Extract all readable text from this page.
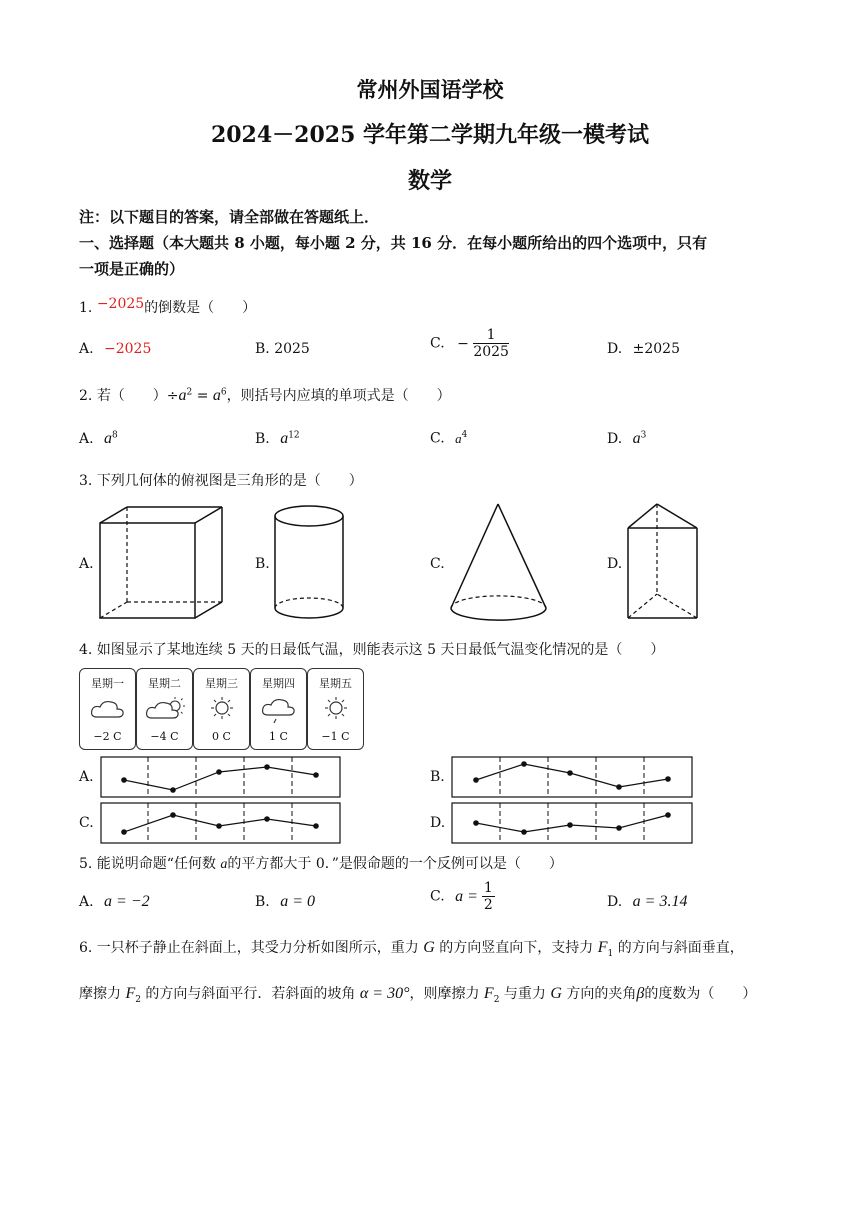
常州外国语学校
2024－2025 学年第二学期九年级一模考试
数学
注：以下题目的答案，请全部做在答题纸上．
一、选择题（本大题共 8 小题，每小题 2 分，共 16 分．在每小题所给出的四个选项中，只有
一项是正确的）
1. −2025的倒数是（　　）
A. −2025	B. 2025	C. − $\frac{1}{2025}$	D. ±2025
2. 若（　　）$\div a^2 = a^6$，则括号内应填的单项式是（　　）
A. $a^8$	B. $a^{12}$	C. $a^4$	D. $a^3$
3. 下列几何体的俯视图是三角形的是（　　）
A.	B.	C.	D.
4. 如图显示了某地连续 5 天的日最低气温，则能表示这 5 天日最低气温变化情况的是（　　）
星期一
−2 C
星期二
−4 C
星期三
0 C
星期四
1 C
星期五
−1 C
A.	B.
C.	D.
5. 能说明命题“任何数 a的平方都大于 0．”是假命题的一个反例可以是（　　）
A. a = −2	B. a = 0	C. $a = \frac{1}{2}$	D. a = 3.14
6. 一只杯子静止在斜面上，其受力分析如图所示，重力 G 的方向竖直向下，支持力 $F_1$ 的方向与斜面垂直，
摩擦力 $F_2$ 的方向与斜面平行．若斜面的坡角 α = 30°，则摩擦力 $F_2$ 与重力 G 方向的夹角β的度数为（　　）
